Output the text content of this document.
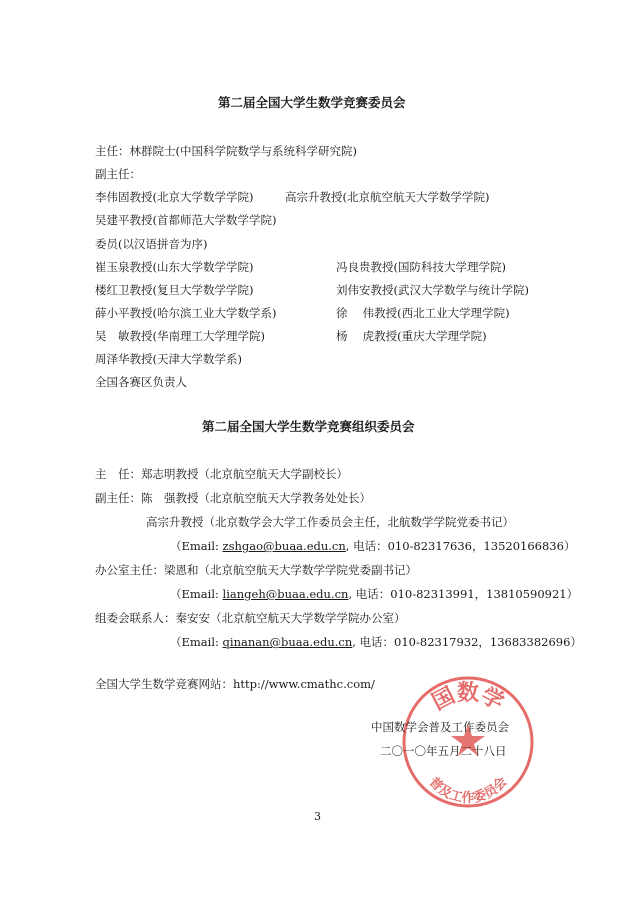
第二届全国大学生数学竞赛委员会
主任：林群院士(中国科学院数学与系统科学研究院)
副主任：
李伟固教授(北京大学数学学院)	高宗升教授(北京航空航天大学数学学院)
吴建平教授(首都师范大学数学学院)
委员(以汉语拼音为序)
崔玉泉教授(山东大学数学学院)
楼红卫教授(复旦大学数学学院)
薛小平教授(哈尔滨工业大学数学系)
吴　敏教授(华南理工大学理学院)
周泽华教授(天津大学数学系)
冯良贵教授(国防科技大学理学院)
刘伟安教授(武汉大学数学与统计学院)
徐　 伟教授(西北工业大学理学院)
杨　 虎教授(重庆大学理学院)
全国各赛区负责人
第二届全国大学生数学竞赛组织委员会
主　任：郑志明教授（北京航空航天大学副校长）
副主任：陈　强教授（北京航空航天大学教务处处长）
高宗升教授（北京数学会大学工作委员会主任，北航数学学院党委书记）
（Email: zshgao@buaa.edu.cn, 电话：010-82317636，13520166836）
办公室主任：梁恩和（北京航空航天大学数学学院党委副书记）
（Email: liangeh@buaa.edu.cn, 电话：010-82313991，13810590921）
组委会联系人：秦安安（北京航空航天大学数学学院办公室）
（Email: qinanan@buaa.edu.cn, 电话：010-82317932，13683382696）
全国大学生数学竞赛网站：http://www.cmathc.com/ 国数学
普及工作委员会
中国数学会普及工作委员会
二〇一〇年五月二十八日
3
